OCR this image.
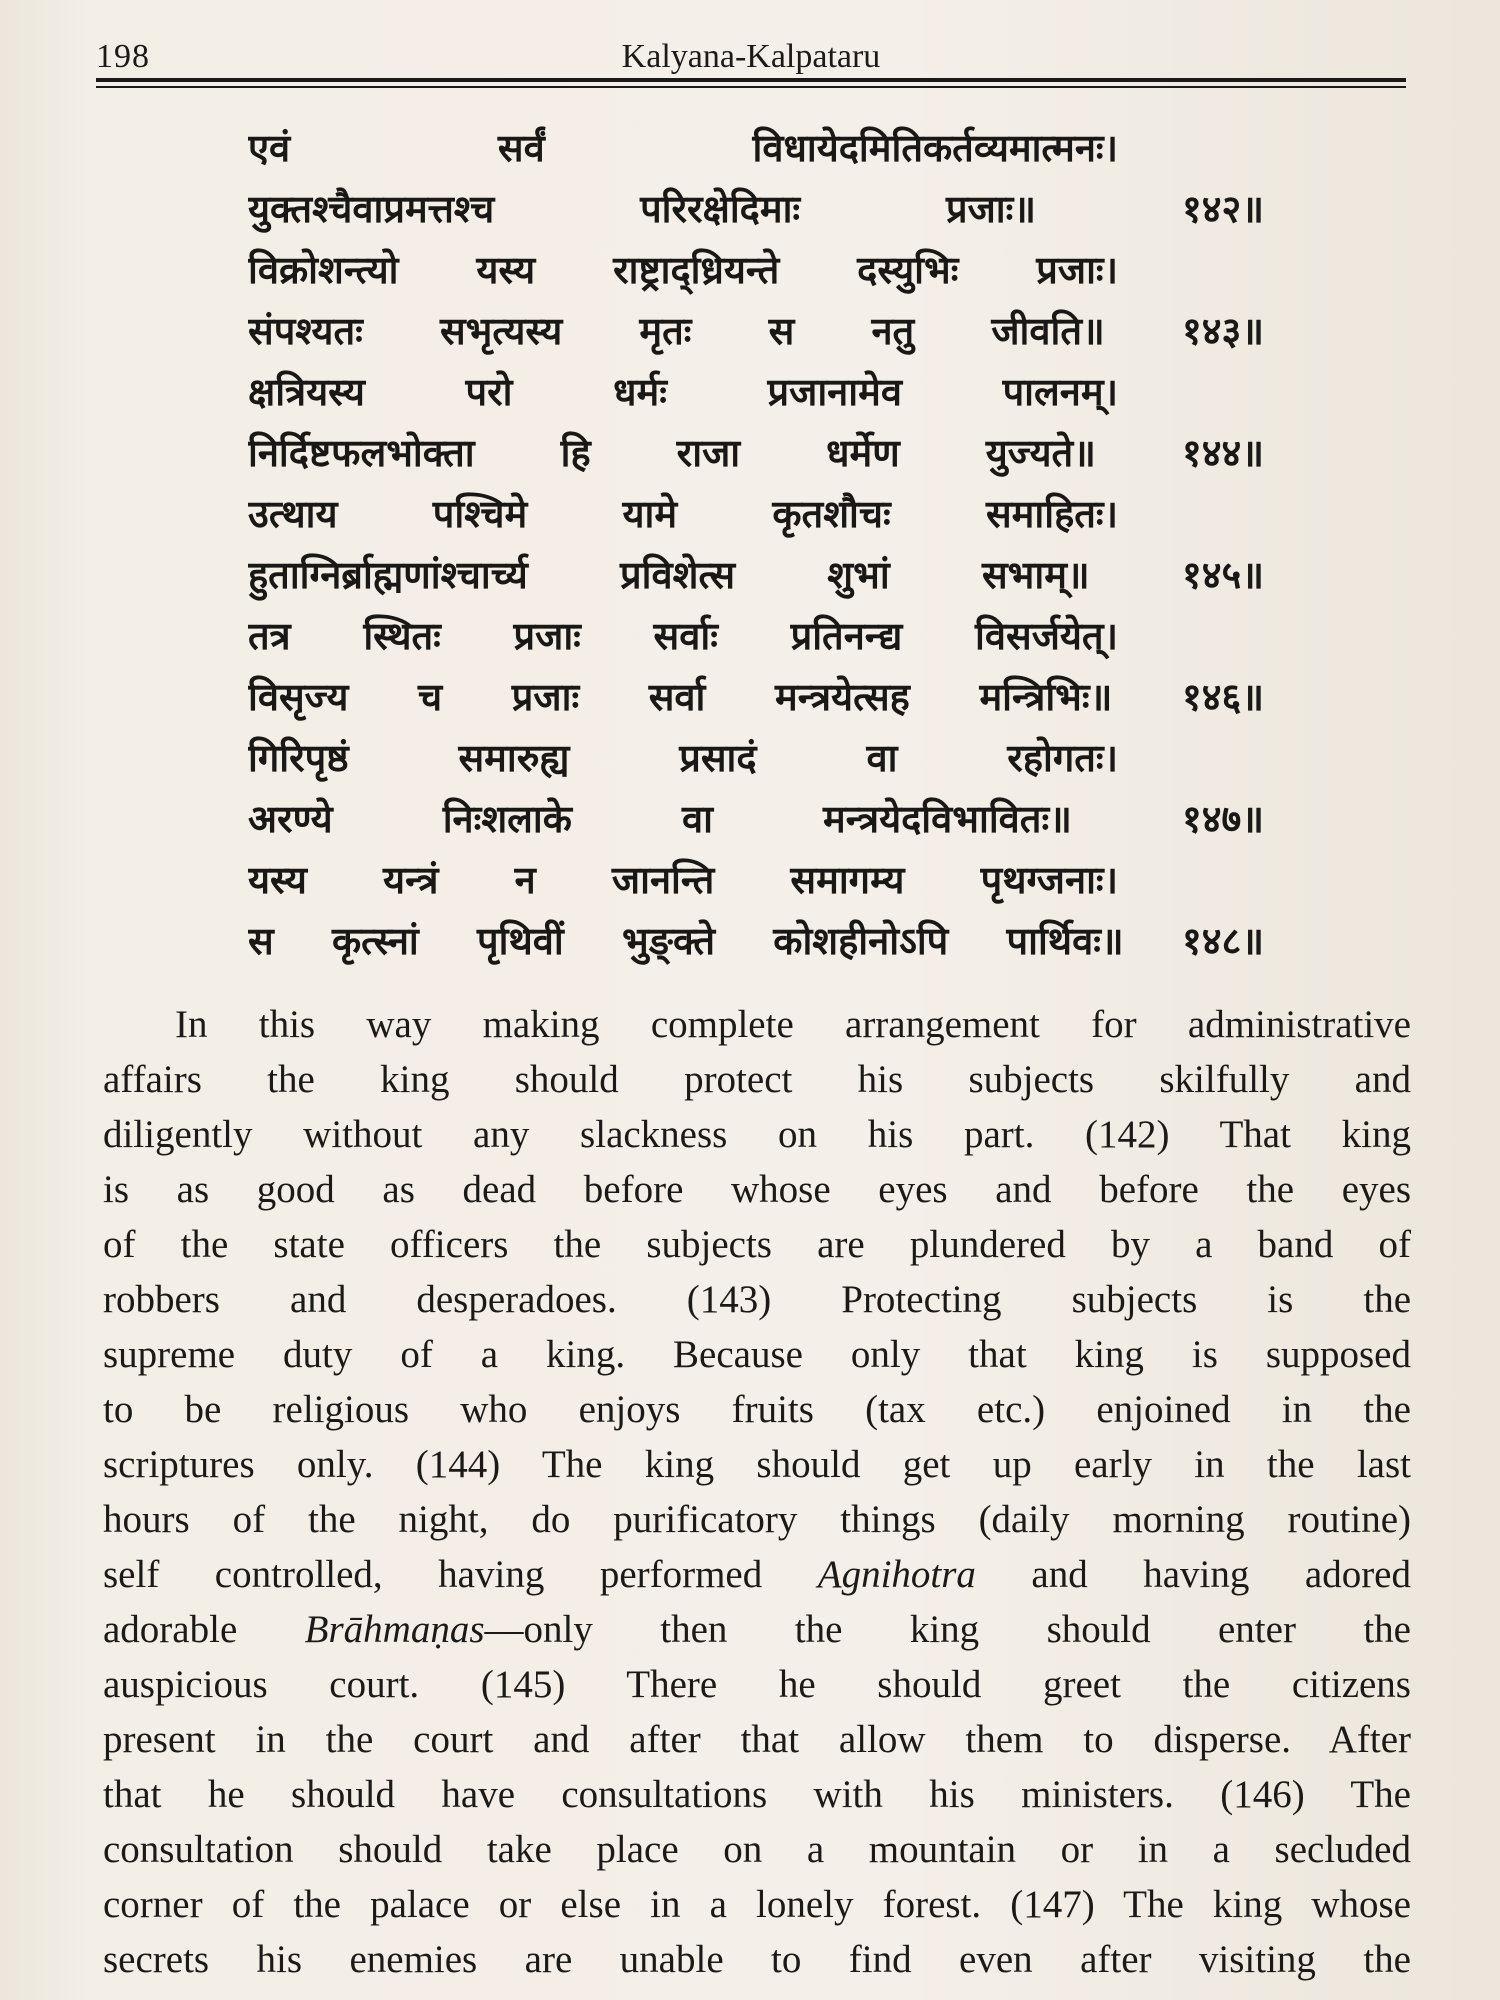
198	Kalyana-Kalpataru
एवं सर्वं विधायेदमितिकर्तव्यमात्मनः।
युक्तश्चैवाप्रमत्तश्च परिरक्षेदिमाः प्रजाः॥ १४२॥
विक्रोशन्त्यो यस्य राष्ट्राद्ध्रियन्ते दस्युभिः प्रजाः।
संपश्यतः सभृत्यस्य मृतः स नतु जीवति॥ १४३॥
क्षत्रियस्य परो धर्मः प्रजानामेव पालनम्।
निर्दिष्टफलभोक्ता हि राजा धर्मेण युज्यते॥ १४४॥
उत्थाय पश्चिमे यामे कृतशौचः समाहितः।
हुताग्निर्ब्राह्मणांश्चार्च्य प्रविशेत्स शुभां सभाम्॥ १४५॥
तत्र स्थितः प्रजाः सर्वाः प्रतिनन्द्य विसर्जयेत्।
विसृज्य च प्रजाः सर्वा मन्त्रयेत्सह मन्त्रिभिः॥ १४६॥
गिरिपृष्ठं समारुह्य प्रसादं वा रहोगतः।
अरण्ये निःशलाके वा मन्त्रयेदविभावितः॥ १४७॥
यस्य यन्त्रं न जानन्ति समागम्य पृथग्जनाः।
स कृत्स्नां पृथिवीं भुङ्क्ते कोशहीनोऽपि पार्थिवः॥ १४८॥
In this way making complete arrangement for administrative
affairs the king should protect his subjects skilfully and
diligently without any slackness on his part. (142) That king
is as good as dead before whose eyes and before the eyes
of the state officers the subjects are plundered by a band of
robbers and desperadoes. (143) Protecting subjects is the
supreme duty of a king. Because only that king is supposed
to be religious who enjoys fruits (tax etc.) enjoined in the
scriptures only. (144) The king should get up early in the last
hours of the night, do purificatory things (daily morning routine)
self controlled, having performed Agnihotra and having adored
adorable Brāhmaṇas—only then the king should enter the
auspicious court. (145) There he should greet the citizens
present in the court and after that allow them to disperse. After
that he should have consultations with his ministers. (146) The
consultation should take place on a mountain or in a secluded
corner of the palace or else in a lonely forest. (147) The king whose
secrets his enemies are unable to find even after visiting the
